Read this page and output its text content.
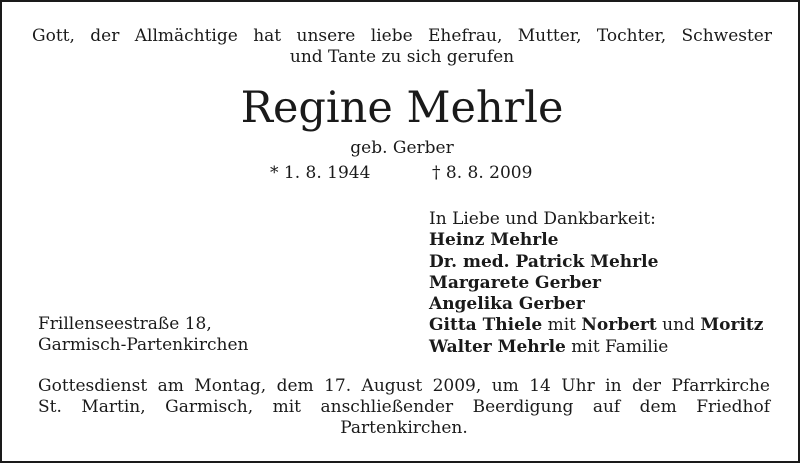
Gott, der Allmächtige hat unsere liebe Ehefrau, Mutter, Tochter, Schwester
und Tante zu sich gerufen
Regine Mehrle
geb. Gerber
* 1. 8. 1944	† 8. 8. 2009
In Liebe und Dankbarkeit:
Heinz Mehrle
Dr. med. Patrick Mehrle
Margarete Gerber
Angelika Gerber
Gitta Thiele mit Norbert und Moritz
Walter Mehrle mit Familie
Frillenseestraße 18,
Garmisch-Partenkirchen
Gottesdienst am Montag, dem 17. August 2009, um 14 Uhr in der Pfarrkirche
St. Martin, Garmisch, mit anschließender Beerdigung auf dem Friedhof
Partenkirchen.
